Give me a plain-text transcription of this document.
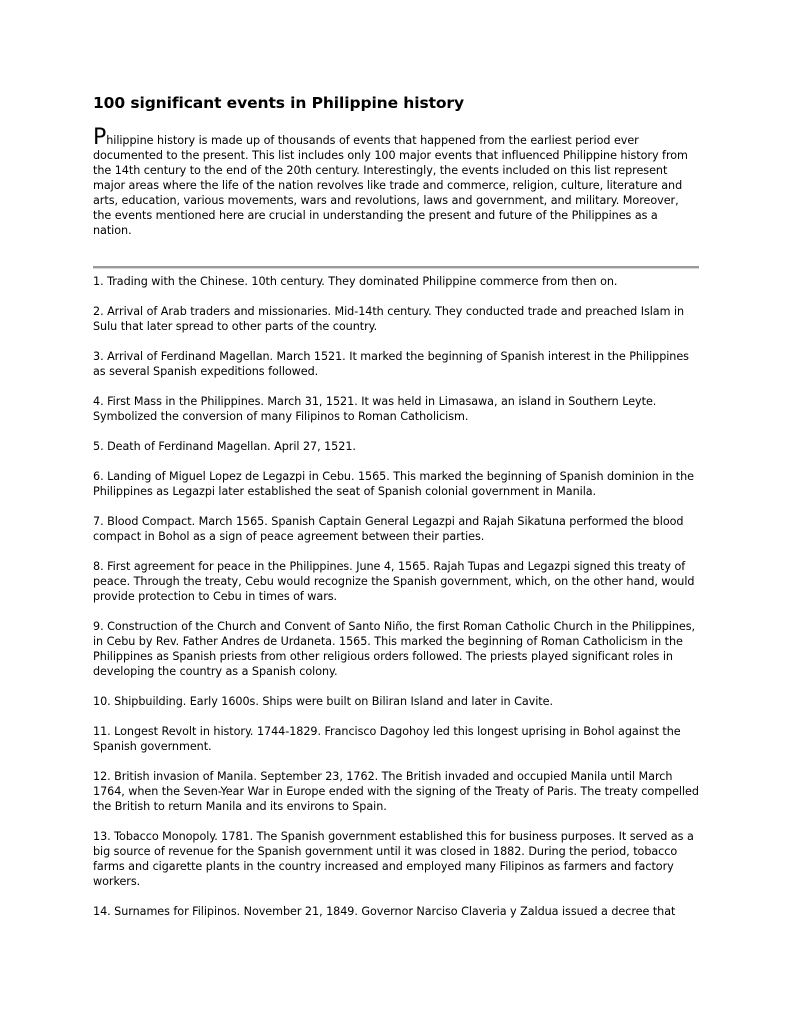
100 significant events in Philippine history

Philippine history is made up of thousands of events that happened from the earliest period ever documented to the present. This list includes only 100 major events that influenced Philippine history from the 14th century to the end of the 20th century. Interestingly, the events included on this list represent major areas where the life of the nation revolves like trade and commerce, religion, culture, literature and arts, education, various movements, wars and revolutions, laws and government, and military. Moreover, the events mentioned here are crucial in understanding the present and future of the Philippines as a nation.

1. Trading with the Chinese. 10th century. They dominated Philippine commerce from then on.

2. Arrival of Arab traders and missionaries. Mid-14th century. They conducted trade and preached Islam in Sulu that later spread to other parts of the country.

3. Arrival of Ferdinand Magellan. March 1521. It marked the beginning of Spanish interest in the Philippines as several Spanish expeditions followed.

4. First Mass in the Philippines. March 31, 1521. It was held in Limasawa, an island in Southern Leyte. Symbolized the conversion of many Filipinos to Roman Catholicism.

5. Death of Ferdinand Magellan. April 27, 1521.

6. Landing of Miguel Lopez de Legazpi in Cebu. 1565. This marked the beginning of Spanish dominion in the Philippines as Legazpi later established the seat of Spanish colonial government in Manila.

7. Blood Compact. March 1565. Spanish Captain General Legazpi and Rajah Sikatuna performed the blood compact in Bohol as a sign of peace agreement between their parties.

8. First agreement for peace in the Philippines. June 4, 1565. Rajah Tupas and Legazpi signed this treaty of peace. Through the treaty, Cebu would recognize the Spanish government, which, on the other hand, would provide protection to Cebu in times of wars.

9. Construction of the Church and Convent of Santo Niño, the first Roman Catholic Church in the Philippines, in Cebu by Rev. Father Andres de Urdaneta. 1565. This marked the beginning of Roman Catholicism in the Philippines as Spanish priests from other religious orders followed. The priests played significant roles in developing the country as a Spanish colony.

10. Shipbuilding. Early 1600s. Ships were built on Biliran Island and later in Cavite.

11. Longest Revolt in history. 1744-1829. Francisco Dagohoy led this longest uprising in Bohol against the Spanish government.

12. British invasion of Manila. September 23, 1762. The British invaded and occupied Manila until March 1764, when the Seven-Year War in Europe ended with the signing of the Treaty of Paris. The treaty compelled the British to return Manila and its environs to Spain.

13. Tobacco Monopoly. 1781. The Spanish government established this for business purposes. It served as a big source of revenue for the Spanish government until it was closed in 1882. During the period, tobacco farms and cigarette plants in the country increased and employed many Filipinos as farmers and factory workers.

14. Surnames for Filipinos. November 21, 1849. Governor Narciso Claveria y Zaldua issued a decree that
